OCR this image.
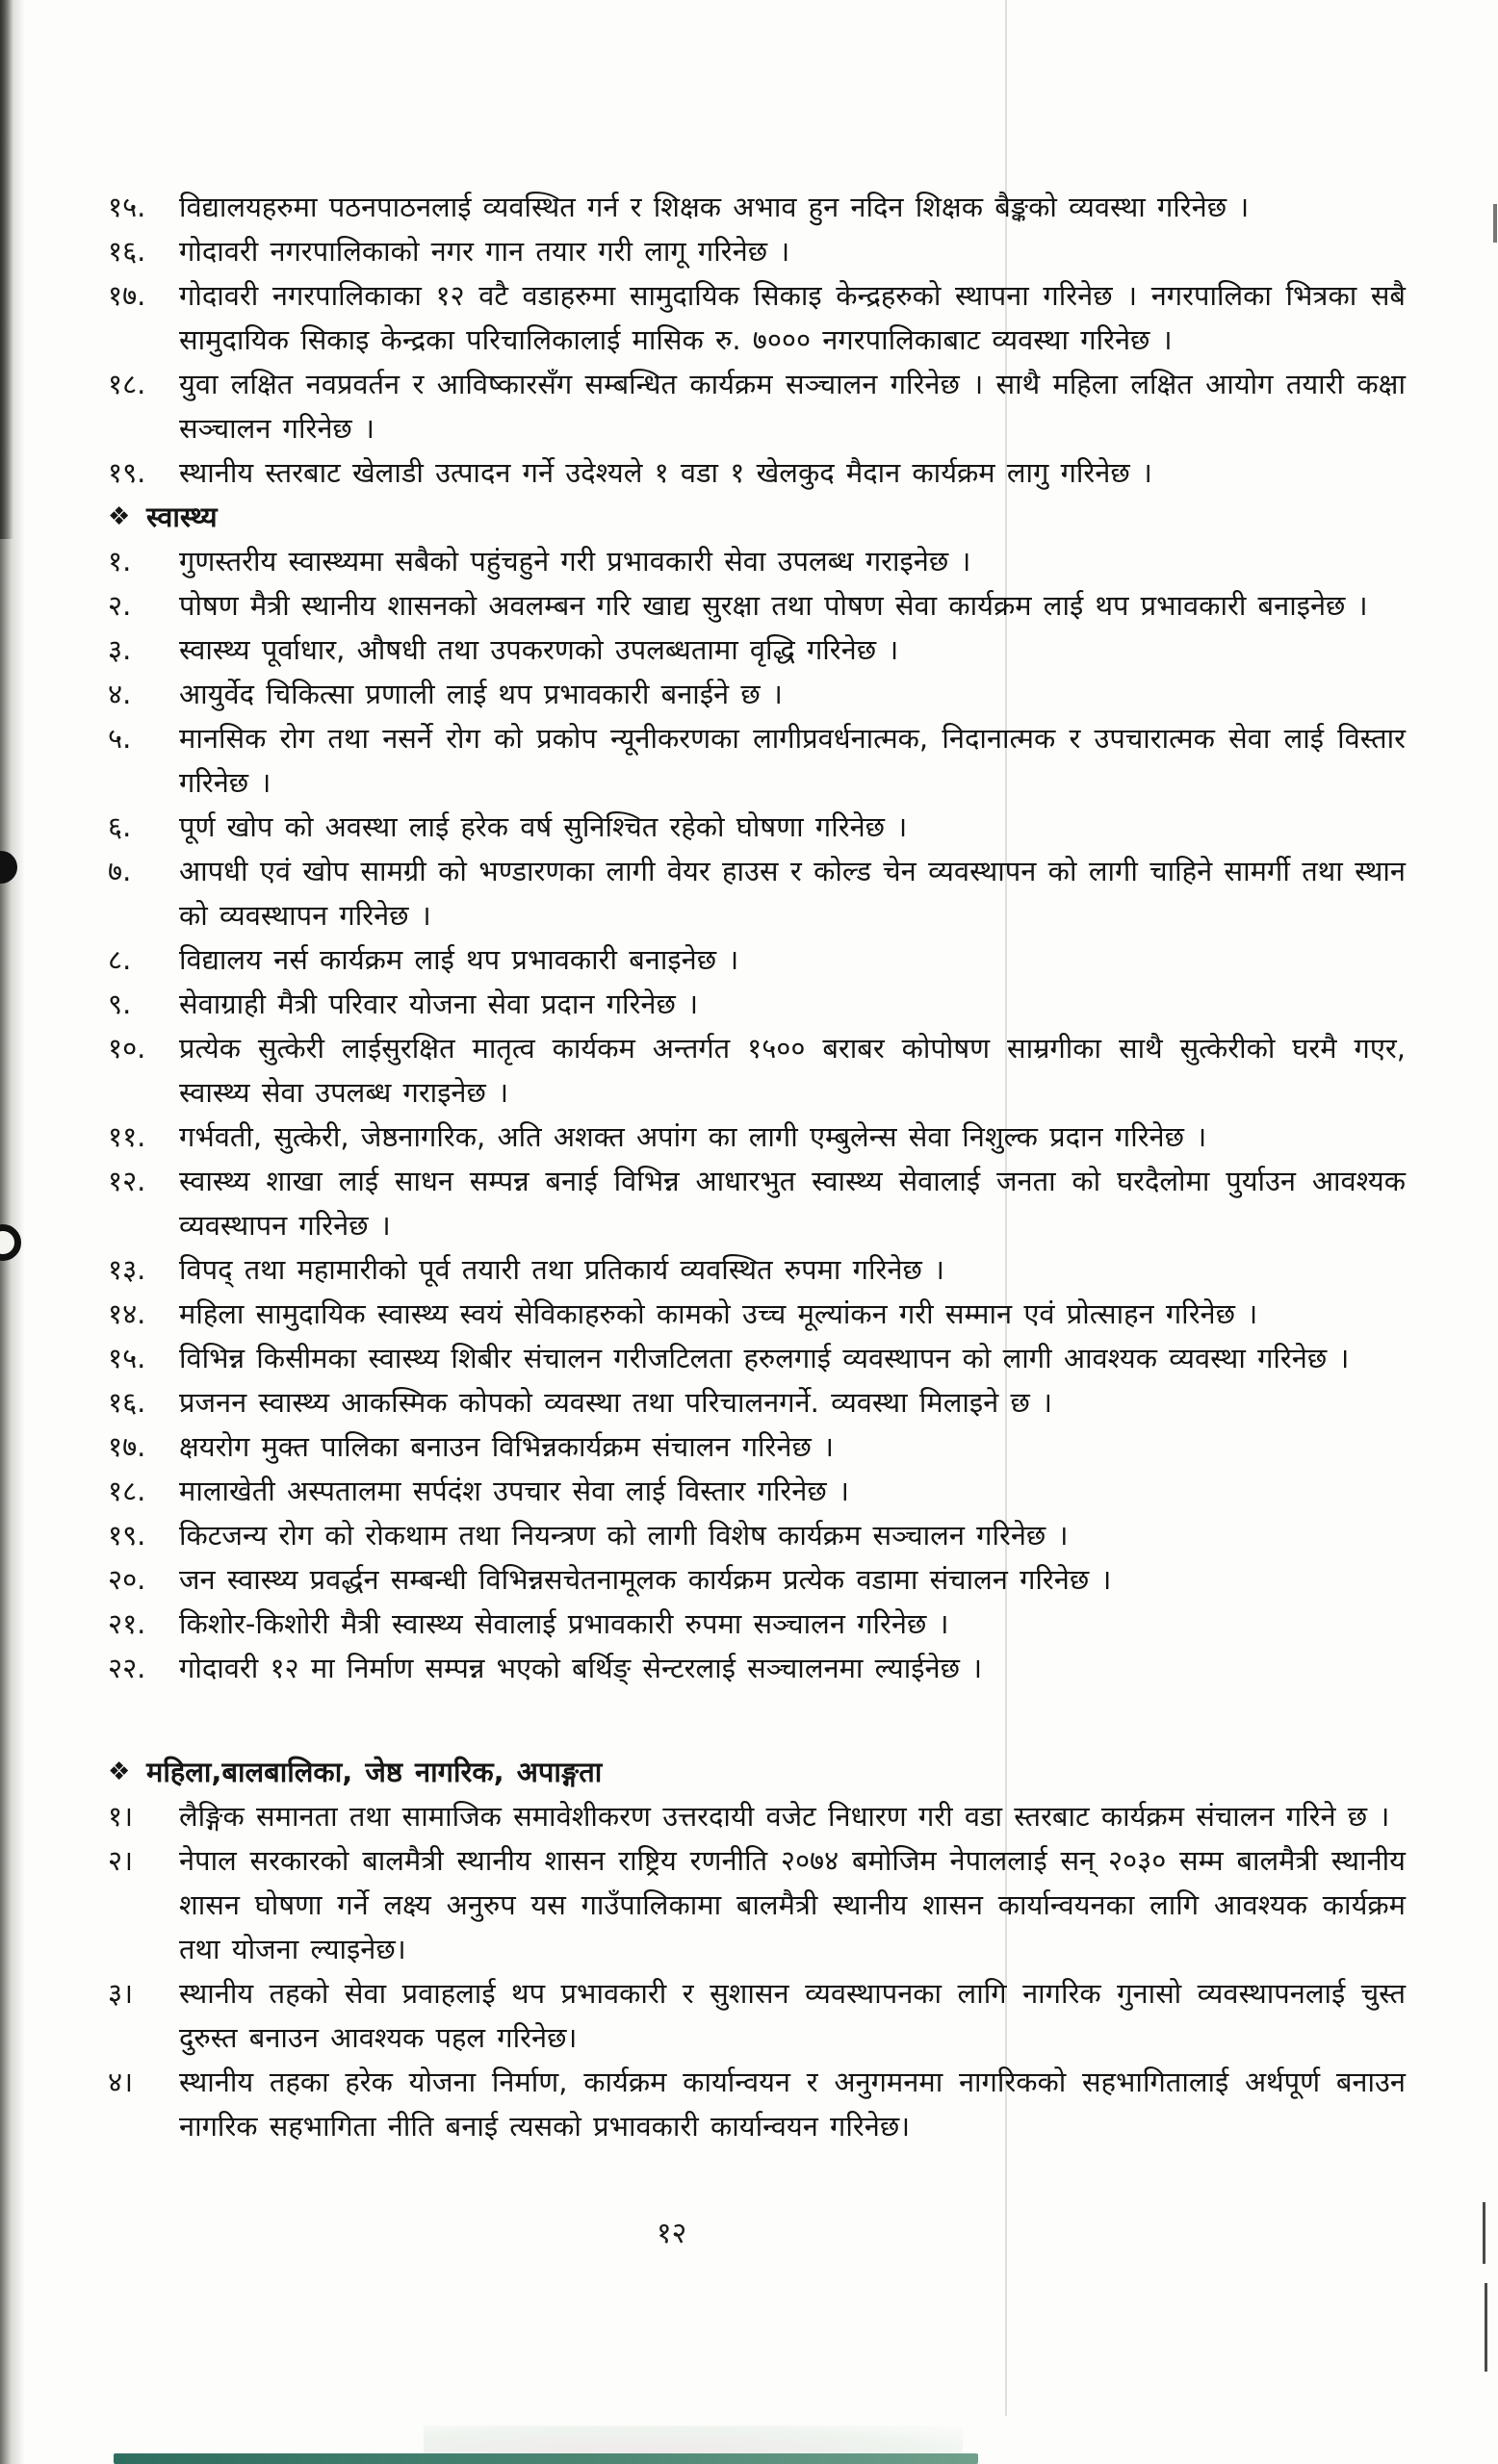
१५.	विद्यालयहरुमा पठनपाठनलाई व्यवस्थित गर्न र शिक्षक अभाव हुन नदिन शिक्षक बैङ्कको व्यवस्था गरिनेछ ।
१६.	गोदावरी नगरपालिकाको नगर गान तयार गरी लागू गरिनेछ ।
१७.	गोदावरी नगरपालिकाका १२ वटै वडाहरुमा सामुदायिक सिकाइ केन्द्रहरुको स्थापना गरिनेछ । नगरपालिका भित्रका सबै सामुदायिक सिकाइ केन्द्रका परिचालिकालाई मासिक रु. ७००० नगरपालिकाबाट व्यवस्था गरिनेछ ।
१८.	युवा लक्षित नवप्रवर्तन र आविष्कारसँग सम्बन्धित कार्यक्रम सञ्चालन गरिनेछ । साथै महिला लक्षित आयोग तयारी कक्षा सञ्चालन गरिनेछ ।
१९.	स्थानीय स्तरबाट खेलाडी उत्पादन गर्ने उदेश्यले १ वडा १ खेलकुद मैदान कार्यक्रम लागु गरिनेछ ।
❖ स्वास्थ्य
१.	गुणस्तरीय स्वास्थ्यमा सबैको पहुंचहुने गरी प्रभावकारी सेवा उपलब्ध गराइनेछ ।
२.	पोषण मैत्री स्थानीय शासनको अवलम्बन गरि खाद्य सुरक्षा तथा पोषण सेवा कार्यक्रम लाई थप प्रभावकारी बनाइनेछ ।
३.	स्वास्थ्य पूर्वाधार, औषधी तथा उपकरणको उपलब्धतामा वृद्धि गरिनेछ ।
४.	आयुर्वेद चिकित्सा प्रणाली लाई थप प्रभावकारी बनाईने छ ।
५.	मानसिक रोग तथा नसर्ने रोग को प्रकोप न्यूनीकरणका लागीप्रवर्धनात्मक, निदानात्मक र उपचारात्मक सेवा लाई विस्तार गरिनेछ ।
६.	पूर्ण खोप को अवस्था लाई हरेक वर्ष सुनिश्चित रहेको घोषणा गरिनेछ ।
७.	आपधी एवं खोप सामग्री को भण्डारणका लागी वेयर हाउस र कोल्ड चेन व्यवस्थापन को लागी चाहिने सामर्गी तथा स्थान को व्यवस्थापन गरिनेछ ।
८.	विद्यालय नर्स कार्यक्रम लाई थप प्रभावकारी बनाइनेछ ।
९.	सेवाग्राही मैत्री परिवार योजना सेवा प्रदान गरिनेछ ।
१०.	प्रत्येक सुत्केरी लाईसुरक्षित मातृत्व कार्यकम अन्तर्गत १५०० बराबर कोपोषण साम्रगीका साथै सुत्केरीको घरमै गएर, स्वास्थ्य सेवा उपलब्ध गराइनेछ ।
११.	गर्भवती, सुत्केरी, जेष्ठनागरिक, अति अशक्त अपांग का लागी एम्बुलेन्स सेवा निशुल्क प्रदान गरिनेछ ।
१२.	स्वास्थ्य शाखा लाई साधन सम्पन्न बनाई विभिन्न आधारभुत स्वास्थ्य सेवालाई जनता को घरदैलोमा पुर्याउन आवश्यक व्यवस्थापन गरिनेछ ।
१३.	विपद् तथा महामारीको पूर्व तयारी तथा प्रतिकार्य व्यवस्थित रुपमा गरिनेछ ।
१४.	महिला सामुदायिक स्वास्थ्य स्वयं सेविकाहरुको कामको उच्च मूल्यांकन गरी सम्मान एवं प्रोत्साहन गरिनेछ ।
१५.	विभिन्न किसीमका स्वास्थ्य शिबीर संचालन गरीजटिलता हरुलगाई व्यवस्थापन को लागी आवश्यक व्यवस्था गरिनेछ ।
१६.	प्रजनन स्वास्थ्य आकस्मिक कोपको व्यवस्था तथा परिचालनगर्ने. व्यवस्था मिलाइने छ ।
१७.	क्षयरोग मुक्त पालिका बनाउन विभिन्नकार्यक्रम संचालन गरिनेछ ।
१८.	मालाखेती अस्पतालमा सर्पदंश उपचार सेवा लाई विस्तार गरिनेछ ।
१९.	किटजन्य रोग को रोकथाम तथा नियन्त्रण को लागी विशेष कार्यक्रम सञ्चालन गरिनेछ ।
२०.	जन स्वास्थ्य प्रवर्द्धन सम्बन्धी विभिन्नसचेतनामूलक कार्यक्रम प्रत्येक वडामा संचालन गरिनेछ ।
२१.	किशोर-किशोरी मैत्री स्वास्थ्य सेवालाई प्रभावकारी रुपमा सञ्चालन गरिनेछ ।
२२.	गोदावरी १२ मा निर्माण सम्पन्न भएको बर्थिङ् सेन्टरलाई सञ्चालनमा ल्याईनेछ ।
❖ महिला,बालबालिका, जेष्ठ नागरिक, अपाङ्गता
१।	लैङ्गिक समानता तथा सामाजिक समावेशीकरण उत्तरदायी वजेट निधारण गरी वडा स्तरबाट कार्यक्रम संचालन गरिने छ ।
२।	नेपाल सरकारको बालमैत्री स्थानीय शासन राष्ट्रिय रणनीति २०७४ बमोजिम नेपाललाई सन् २०३० सम्म बालमैत्री स्थानीय शासन घोषणा गर्ने लक्ष्य अनुरुप यस गाउँपालिकामा बालमैत्री स्थानीय शासन कार्यान्वयनका लागि आवश्यक कार्यक्रम तथा योजना ल्याइनेछ।
३।	स्थानीय तहको सेवा प्रवाहलाई थप प्रभावकारी र सुशासन व्यवस्थापनका लागि नागरिक गुनासो व्यवस्थापनलाई चुस्त दुरुस्त बनाउन आवश्यक पहल गरिनेछ।
४।	स्थानीय तहका हरेक योजना निर्माण, कार्यक्रम कार्यान्वयन र अनुगमनमा नागरिकको सहभागितालाई अर्थपूर्ण बनाउन नागरिक सहभागिता नीति बनाई त्यसको प्रभावकारी कार्यान्वयन गरिनेछ।
१२
